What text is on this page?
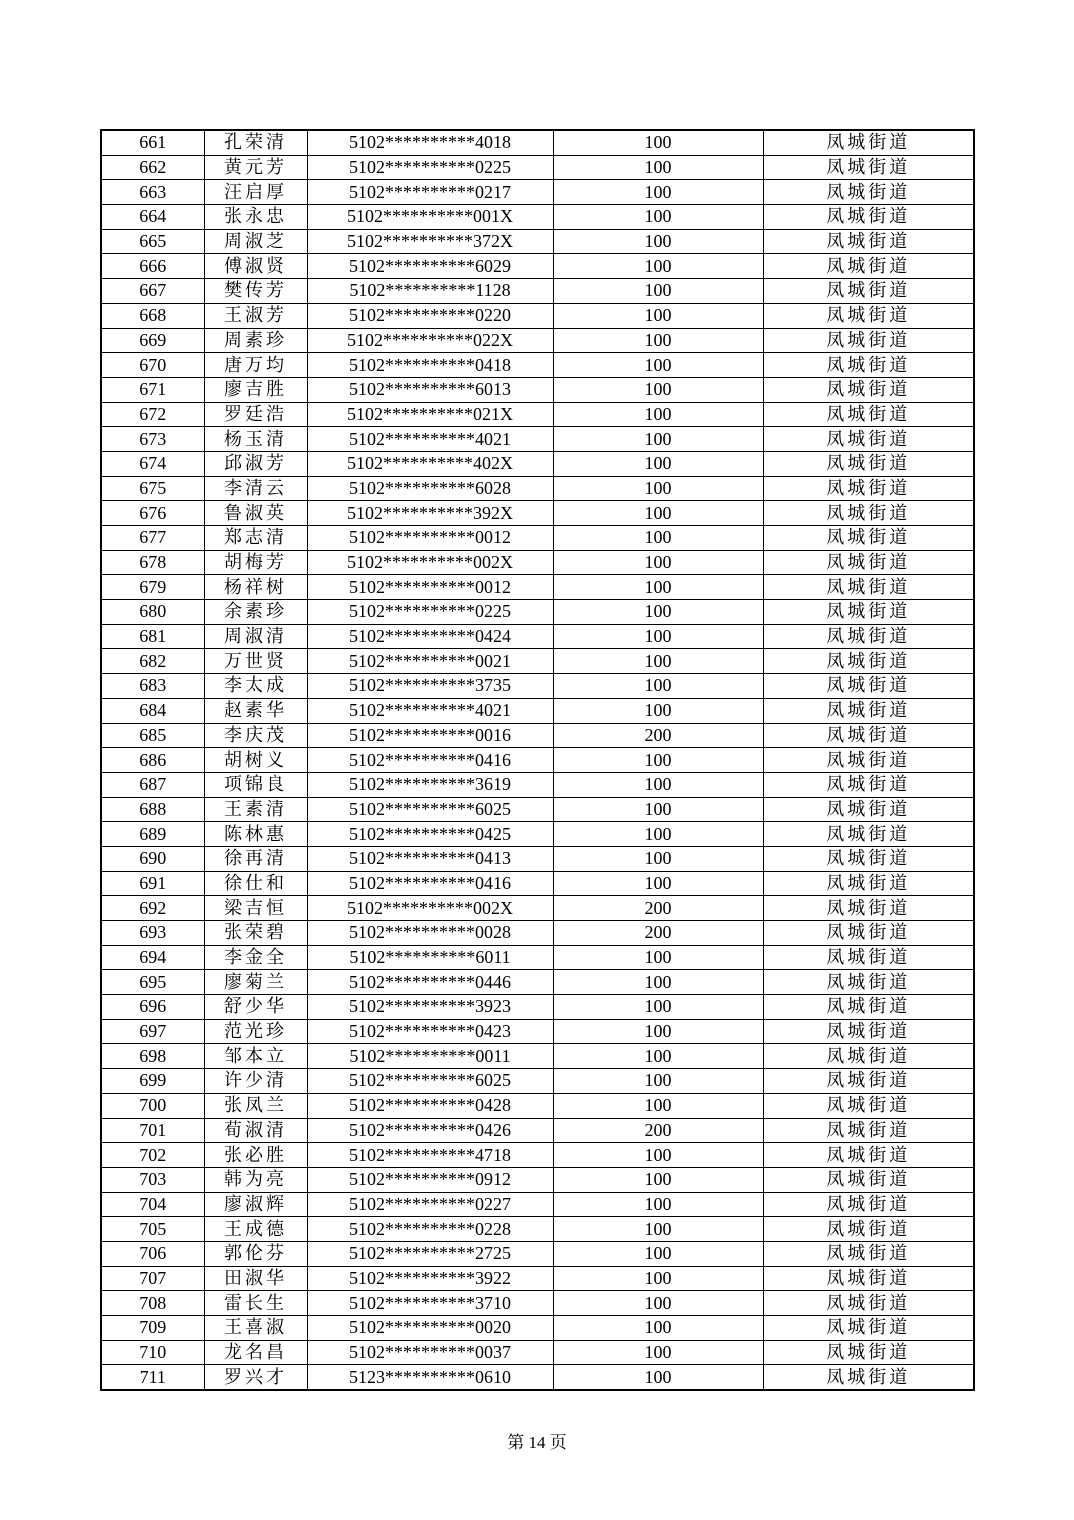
661	孔荣清	5102**********4018	100	凤城街道
662	黄元芳	5102**********0225	100	凤城街道
663	汪启厚	5102**********0217	100	凤城街道
664	张永忠	5102**********001X	100	凤城街道
665	周淑芝	5102**********372X	100	凤城街道
666	傅淑贤	5102**********6029	100	凤城街道
667	樊传芳	5102**********1128	100	凤城街道
668	王淑芳	5102**********0220	100	凤城街道
669	周素珍	5102**********022X	100	凤城街道
670	唐万均	5102**********0418	100	凤城街道
671	廖吉胜	5102**********6013	100	凤城街道
672	罗廷浩	5102**********021X	100	凤城街道
673	杨玉清	5102**********4021	100	凤城街道
674	邱淑芳	5102**********402X	100	凤城街道
675	李清云	5102**********6028	100	凤城街道
676	鲁淑英	5102**********392X	100	凤城街道
677	郑志清	5102**********0012	100	凤城街道
678	胡梅芳	5102**********002X	100	凤城街道
679	杨祥树	5102**********0012	100	凤城街道
680	余素珍	5102**********0225	100	凤城街道
681	周淑清	5102**********0424	100	凤城街道
682	万世贤	5102**********0021	100	凤城街道
683	李太成	5102**********3735	100	凤城街道
684	赵素华	5102**********4021	100	凤城街道
685	李庆茂	5102**********0016	200	凤城街道
686	胡树义	5102**********0416	100	凤城街道
687	项锦良	5102**********3619	100	凤城街道
688	王素清	5102**********6025	100	凤城街道
689	陈林惠	5102**********0425	100	凤城街道
690	徐再清	5102**********0413	100	凤城街道
691	徐仕和	5102**********0416	100	凤城街道
692	梁吉恒	5102**********002X	200	凤城街道
693	张荣碧	5102**********0028	200	凤城街道
694	李金全	5102**********6011	100	凤城街道
695	廖菊兰	5102**********0446	100	凤城街道
696	舒少华	5102**********3923	100	凤城街道
697	范光珍	5102**********0423	100	凤城街道
698	邹本立	5102**********0011	100	凤城街道
699	许少清	5102**********6025	100	凤城街道
700	张凤兰	5102**********0428	100	凤城街道
701	荀淑清	5102**********0426	200	凤城街道
702	张必胜	5102**********4718	100	凤城街道
703	韩为亮	5102**********0912	100	凤城街道
704	廖淑辉	5102**********0227	100	凤城街道
705	王成德	5102**********0228	100	凤城街道
706	郭伦芬	5102**********2725	100	凤城街道
707	田淑华	5102**********3922	100	凤城街道
708	雷长生	5102**********3710	100	凤城街道
709	王喜淑	5102**********0020	100	凤城街道
710	龙名昌	5102**********0037	100	凤城街道
711	罗兴才	5123**********0610	100	凤城街道
第 14 页
